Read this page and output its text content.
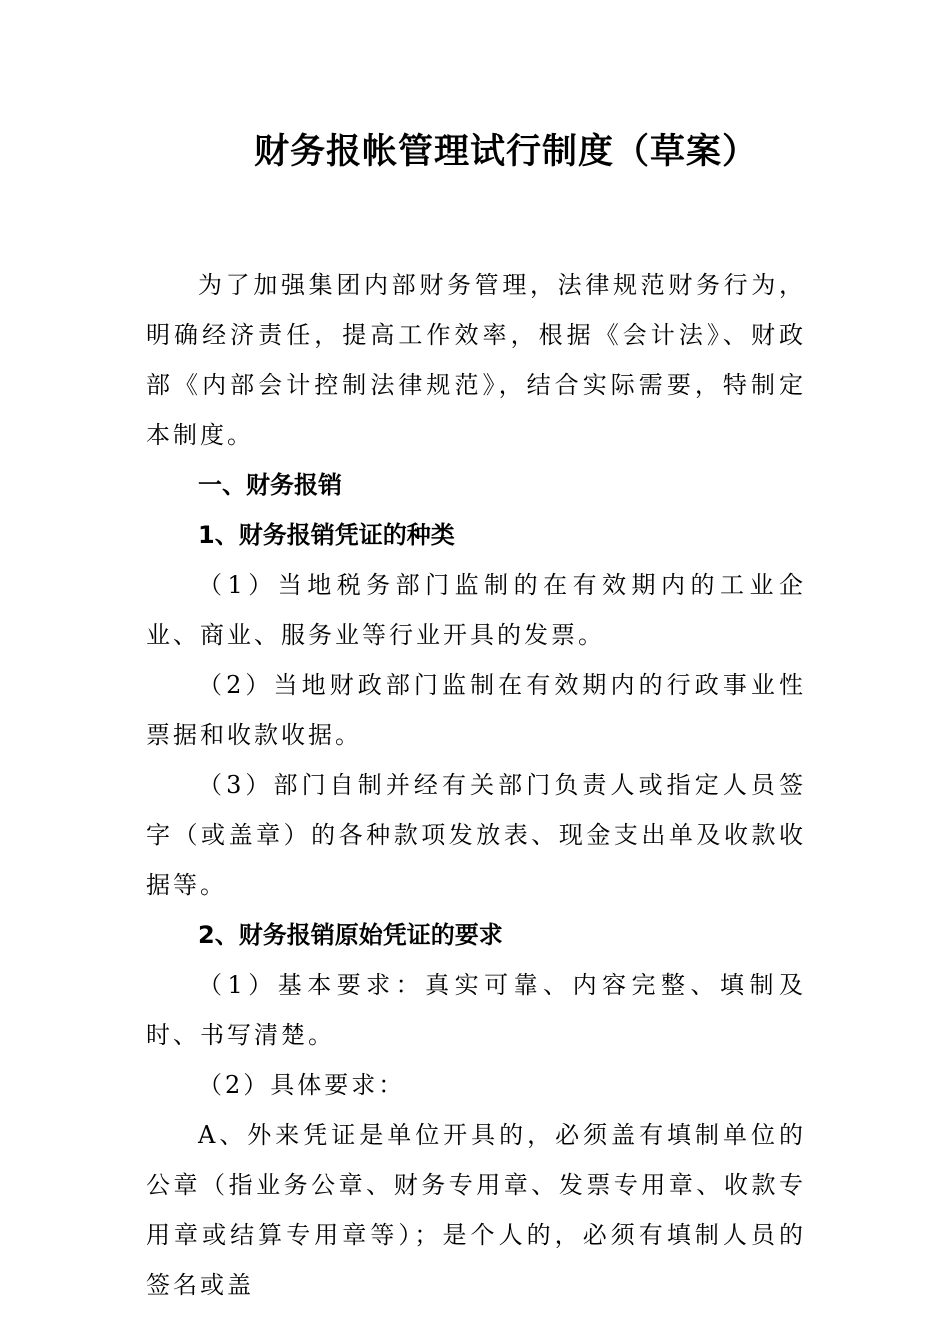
财务报帐管理试行制度（草案）

为了加强集团内部财务管理，法律规范财务行为，明确经济责任，提高工作效率，根据《会计法》、财政部《内部会计控制法律规范》，结合实际需要，特制定本制度。

一、财务报销

1、财务报销凭证的种类

（1）当地税务部门监制的在有效期内的工业企 业、商业、服务业等行业开具的发票。

（2）当地财政部门监制在有效期内的行政事业性票据和收款收据。

（3）部门自制并经有关部门负责人或指定人员签字（或盖章）的各种款项发放表、现金支出单及收款收据等。

2、财务报销原始凭证的要求

（1）基本要求：真实可靠、内容完整、填制及时、书写清楚。

（2）具体要求：

A、外来凭证是单位开具的，必须盖有填制单位的公章（指业务公章、财务专用章、发票专用章、收款专用章或结算专用章等）；是个人的，必须有填制人员的签名或盖
